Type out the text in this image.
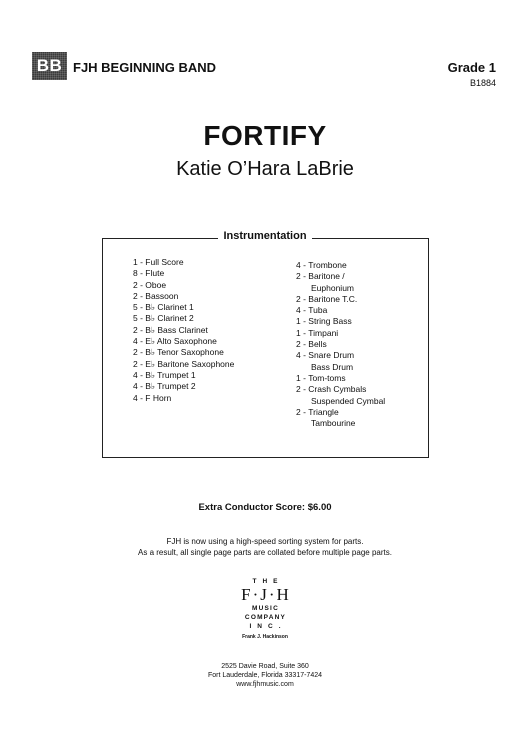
BB FJH BEGINNING BAND	Grade 1
B1884
FORTIFY
Katie O’Hara LaBrie
Instrumentation
1 - Full Score
8 - Flute
2 - Oboe
2 - Bassoon
5 - B♭ Clarinet 1
5 - B♭ Clarinet 2
2 - B♭ Bass Clarinet
4 - E♭ Alto Saxophone
2 - B♭ Tenor Saxophone
2 - E♭ Baritone Saxophone
4 - B♭ Trumpet 1
4 - B♭ Trumpet 2
4 - F Horn
4 - Trombone
2 - Baritone /
Euphonium
2 - Baritone T.C.
4 - Tuba
1 - String Bass
1 - Timpani
2 - Bells
4 - Snare Drum
Bass Drum
1 - Tom-toms
2 - Crash Cymbals
Suspended Cymbal
2 - Triangle
Tambourine
Extra Conductor Score: $6.00
FJH is now using a high-speed sorting system for parts.
As a result, all single page parts are collated before multiple page parts.
THE
F·J·H
MUSIC
COMPANY
INC.
Frank J. Hackinson
2525 Davie Road, Suite 360
Fort Lauderdale, Florida 33317-7424
www.fjhmusic.com
